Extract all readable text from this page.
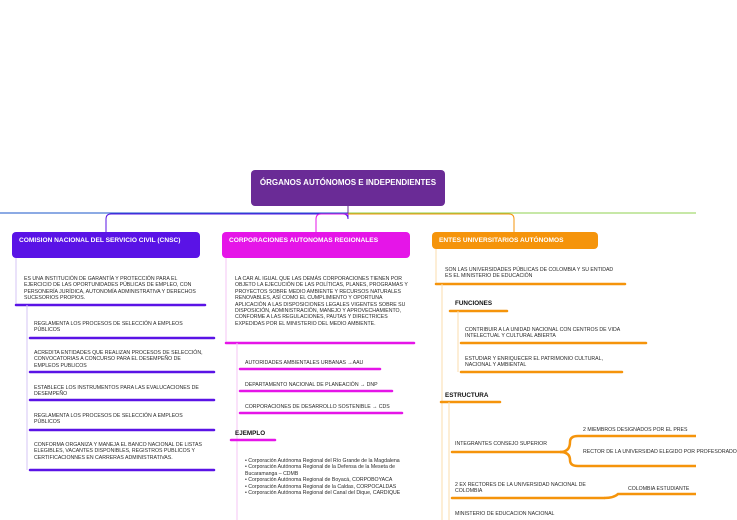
ÓRGANOS AUTÓNOMOS E INDEPENDIENTES
COMISION NACIONAL DEL SERVICIO CIVIL (CNSC)	CORPORACIONES AUTONOMAS REGIONALES	ENTES UNIVERSITARIOS AUTÓNOMOS
ES UNA INSTITUCIÓN DE GARANTÍA Y PROTECCIÓN PARA EL EJERCICIO DE LAS OPORTUNIDADES PÚBLICAS DE EMPLEO, CON PERSONERÍA JURÍDICA, AUTONOMÍA ADMINISTRATIVA Y DERECHOS SUCESORIOS PROPIOS.
REGLAMENTA LOS PROCESOS DE SELECCIÓN A EMPLEOS PÚBLICOS
ACREDITA ENTIDADES QUE REALIZAN PROCESOS DE SELECCIÓN, CONVOCATORIAS A CONCURSO PARA EL DESEMPEÑO DE EMPLEOS PUBLICOS
ESTABLECE LOS INSTRUMENTOS PARA LAS EVALUCACIONES DE DESEMPEÑO
REGLAMENTA LOS PROCESOS DE SELECCIÓN A EMPLEOS PÚBLICOS
CONFORMA ORGANIZA Y MANEJA EL BANCO NACIONAL DE LISTAS ELEGIBLES, VACANTES DISPONIBLES, REGISTROS PUBLICOS Y CERTIFICACIONNES EN CARRERAS ADMINISTRATIVAS.
LA CAR AL IGUAL QUE LAS DEMÁS CORPORACIONES TIENEN POR OBJETO LA EJECUCIÓN DE LAS POLÍTICAS, PLANES, PROGRAMAS Y PROYECTOS SOBRE MEDIO AMBIENTE Y RECURSOS NATURALES RENOVABLES, ASÍ COMO EL CUMPLIMIENTO Y OPORTUNA APLICACIÓN A LAS DISPOSICIONES LEGALES VIGENTES SOBRE SU DISPOSICIÓN, ADMINISTRACIÓN, MANEJO Y APROVECHAMIENTO, CONFORME A LAS REGULACIONES, PAUTAS Y DIRECTRICES EXPEDIDAS POR EL MINISTERIO DEL MEDIO AMBIENTE.
AUTORIDADES AMBIENTALES URBANAS →AAU
DEPARTAMENTO NACIONAL DE PLANEACIÓN → DNP
CORPORACIONES DE DESARROLLO SOSTENIBLE → CDS
EJEMPLO
• Corporación Autónoma Regional del Río Grande de la Magdalena
• Corporación Autónoma Regional de la Defensa de la Meseta de Bucaramanga – CDMB
• Corporación Autónoma Regional de Boyacá, CORPOBOYACA
• Corporación Autónoma Regional de la Caldas, CORPOCALDAS
• Corporación Autónoma Regional del Canal del Dique, CARDIQUE
SON LAS UNIVERSIDADES PÚBLICAS DE COLOMBIA Y SU ENTIDAD ES EL MINISTERIO DE EDUCACIÓN
FUNCIONES
CONTRIBUIR A LA UNIDAD NACIONAL CON CENTROS DE VIDA INTELECTUAL Y CULTURAL ABIERTA
ESTUDIAR Y ENRIQUECER EL PATRIMONIO CULTURAL, NACIONAL Y AMBIENTAL
ESTRUCTURA
INTEGRANTES CONSEJO SUPERIOR
2 MIEMBROS DESIGNADOS POR EL PRES
RECTOR DE LA UNIVERSIDAD ELEGIDO POR PROFESORADO
2 EX RECTORES DE LA UNIVERSIDAD NACIONAL DE COLOMBIA	COLOMBIA ESTUDIANTE
MINISTERIO DE EDUCACION NACIONAL
